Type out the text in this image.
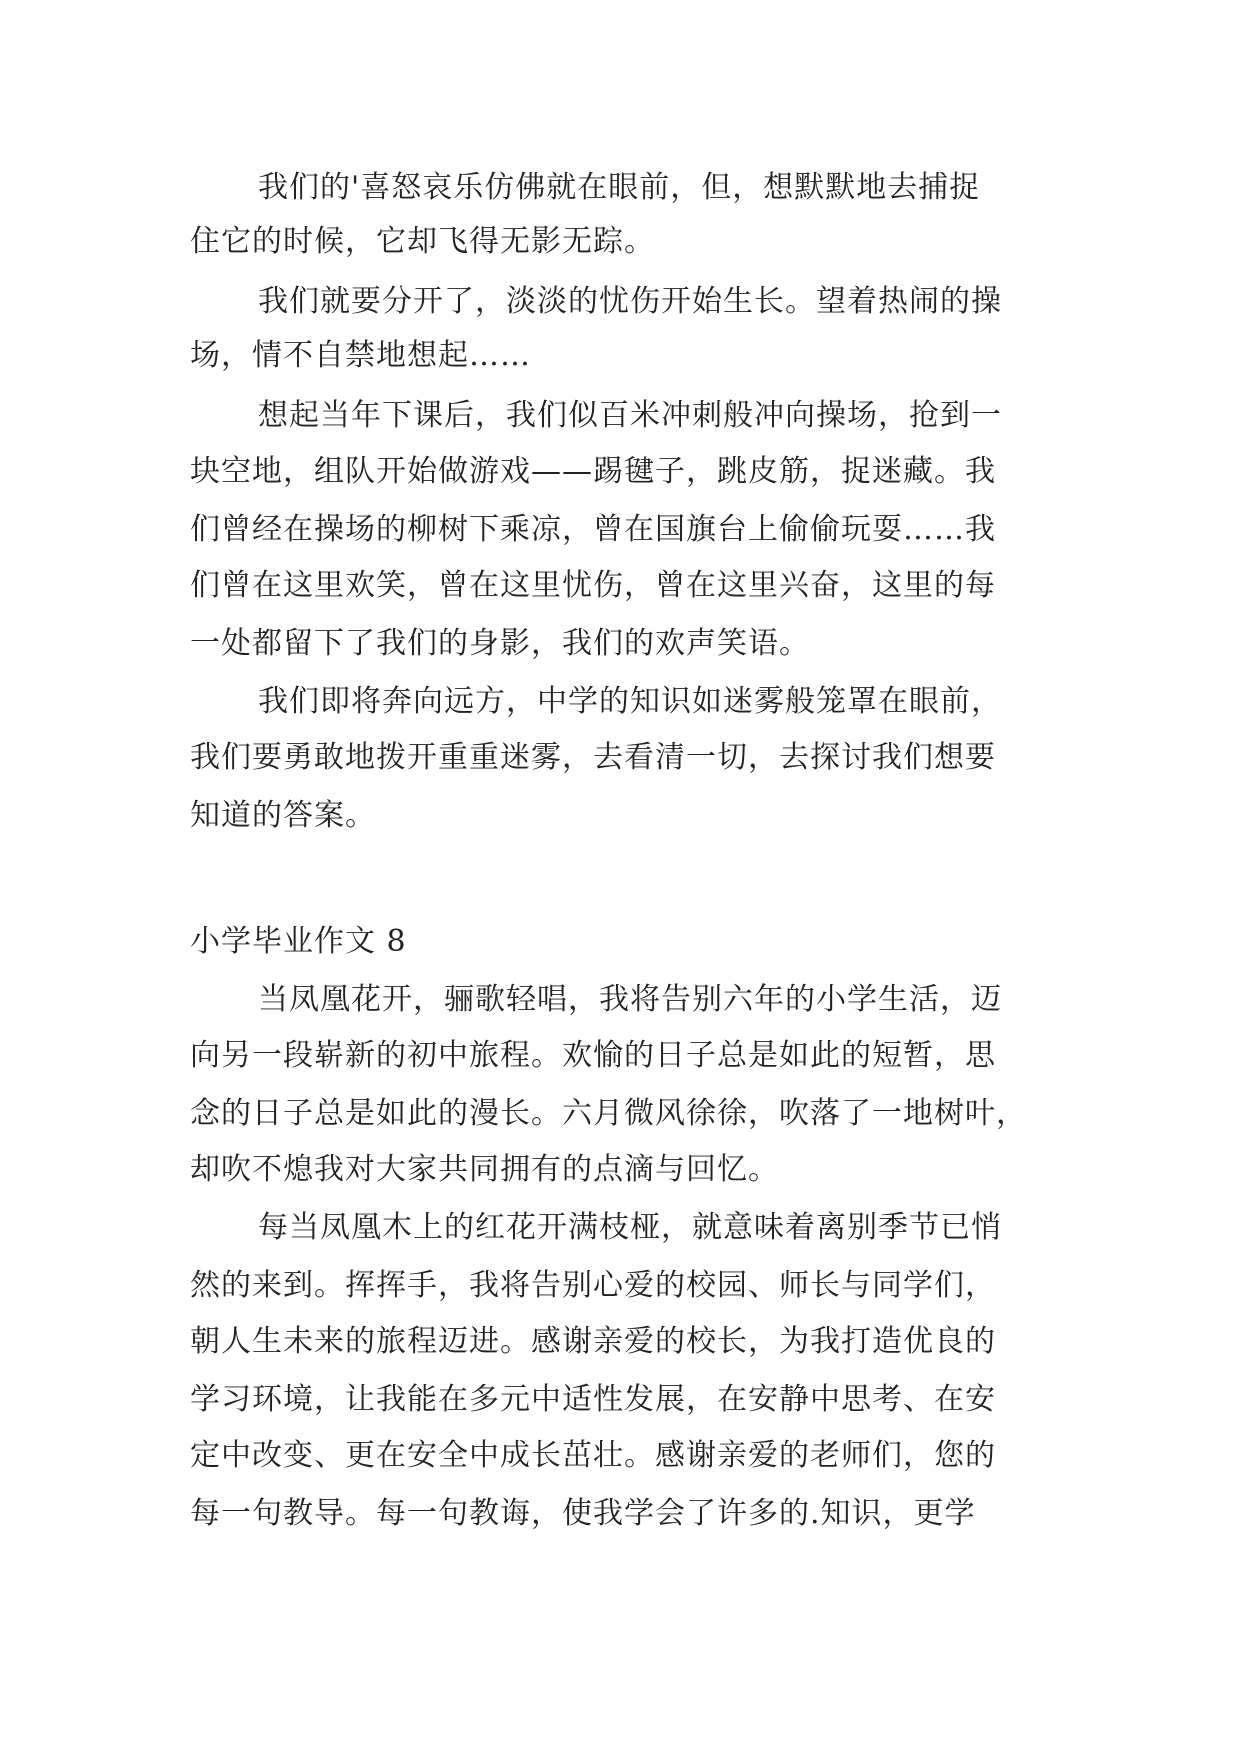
我们的'喜怒哀乐仿佛就在眼前，但，想默默地去捕捉
住它的时候，它却飞得无影无踪。
我们就要分开了，淡淡的忧伤开始生长。望着热闹的操
场，情不自禁地想起……
想起当年下课后，我们似百米冲刺般冲向操场，抢到一
块空地，组队开始做游戏——踢毽子，跳皮筋，捉迷藏。我
们曾经在操场的柳树下乘凉，曾在国旗台上偷偷玩耍……我
们曾在这里欢笑，曾在这里忧伤，曾在这里兴奋，这里的每
一处都留下了我们的身影，我们的欢声笑语。
我们即将奔向远方，中学的知识如迷雾般笼罩在眼前，
我们要勇敢地拨开重重迷雾，去看清一切，去探讨我们想要
知道的答案。
小学毕业作文 8
当凤凰花开，骊歌轻唱，我将告别六年的小学生活，迈
向另一段崭新的初中旅程。欢愉的日子总是如此的短暂，思
念的日子总是如此的漫长。六月微风徐徐，吹落了一地树叶，
却吹不熄我对大家共同拥有的点滴与回忆。
每当凤凰木上的红花开满枝桠，就意味着离别季节已悄
然的来到。挥挥手，我将告别心爱的校园、师长与同学们，
朝人生未来的旅程迈进。感谢亲爱的校长，为我打造优良的
学习环境，让我能在多元中适性发展，在安静中思考、在安
定中改变、更在安全中成长茁壮。感谢亲爱的老师们，您的
每一句教导。每一句教诲，使我学会了许多的.知识，更学
